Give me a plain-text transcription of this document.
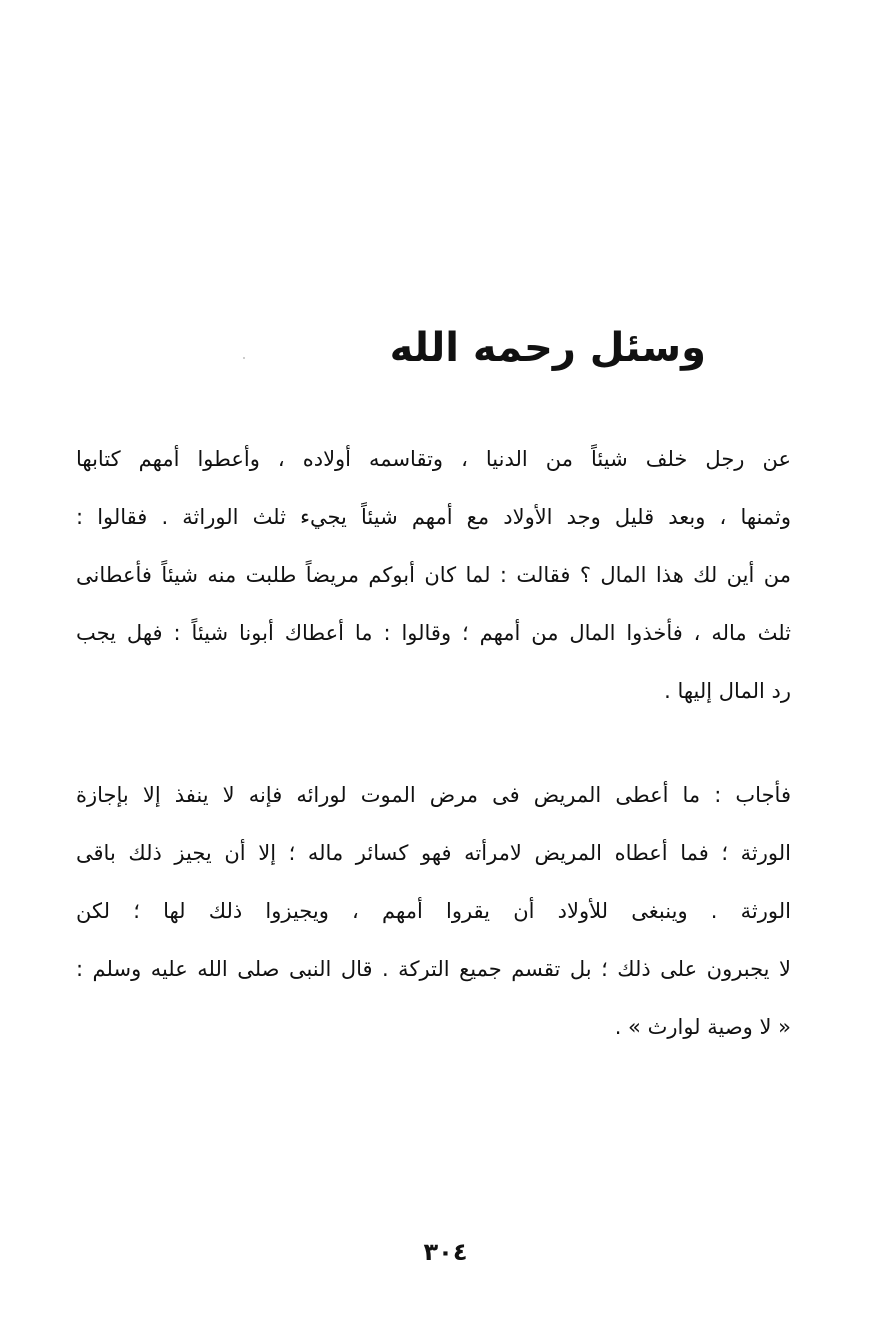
وسئل رحمه الله
عن رجل خلف شيئاً من الدنيا ، وتقاسمه أولاده ، وأعطوا أمهم كتابها
وثمنها ، وبعد قليل وجد الأولاد مع أمهم شيئاً يجيء ثلث الوراثة . فقالوا :
من أين لك هذا المال ؟ فقالت : لما كان أبوكم مريضاً طلبت منه شيئاً فأعطانى
ثلث ماله ، فأخذوا المال من أمهم ؛ وقالوا : ما أعطاك أبونا شيئاً : فهل يجب
رد المال إليها .
فأجاب : ما أعطى المريض فى مرض الموت لورائه فإنه لا ينفذ إلا بإجازة
الورثة ؛ فما أعطاه المريض لامرأته فهو كسائر ماله ؛ إلا أن يجيز ذلك باقى
الورثة . وينبغى للأولاد أن يقروا أمهم ، ويجيزوا ذلك لها ؛ لكن
لا يجبرون على ذلك ؛ بل تقسم جميع التركة . قال النبى صلى الله عليه وسلم :
« لا وصية لوارث » .
٣٠٤
